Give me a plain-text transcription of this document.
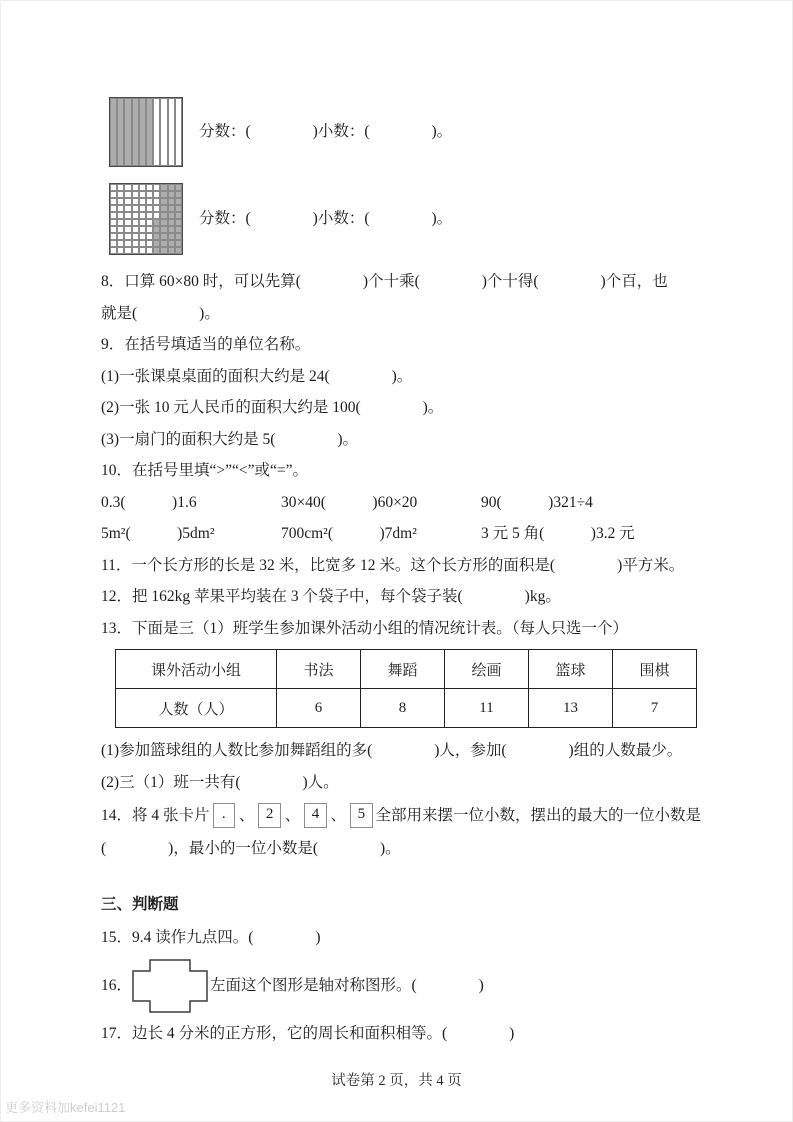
分数：(　　　　)小数：(　　　　)。

分数：(　　　　)小数：(　　　　)。

8．口算 60×80 时，可以先算(　　　　)个十乘(　　　　)个十得(　　　　)个百，也

就是(　　　　)。

9．在括号填适当的单位名称。

(1)一张课桌桌面的面积大约是 24(　　　　)。

(2)一张 10 元人民币的面积大约是 100(　　　　)。

(3)一扇门的面积大约是 5(　　　　)。

10．在括号里填“>”“<”或“=”。

0.3(　　　)1.6	30×40(　　　)60×20	90(　　　)321÷4
5m²(　　　)5dm²	700cm²(　　　)7dm²	3 元 5 角(　　　)3.2 元

11．一个长方形的长是 32 米，比宽多 12 米。这个长方形的面积是(　　　　)平方米。

12．把 162kg 苹果平均装在 3 个袋子中，每个袋子装(　　　　)kg。

13．下面是三（1）班学生参加课外活动小组的情况统计表。（每人只选一个）

课外活动小组	书法	舞蹈	绘画	篮球	围棋
人数（人）	6	8	11	13	7

(1)参加篮球组的人数比参加舞蹈组的多(　　　　)人，参加(　　　　)组的人数最少。

(2)三（1）班一共有(　　　　)人。

14．将 4 张卡片 . 、 2 、 4 、 5 全部用来摆一位小数，摆出的最大的一位小数是

(　　　　)，最小的一位小数是(　　　　)。

三、判断题

15．9.4 读作九点四。(　　　　)

16．	左面这个图形是轴对称图形。(　　　　)

17．边长 4 分米的正方形，它的周长和面积相等。(　　　　)

试卷第 2 页，共 4 页
更多资料加kefei1121
